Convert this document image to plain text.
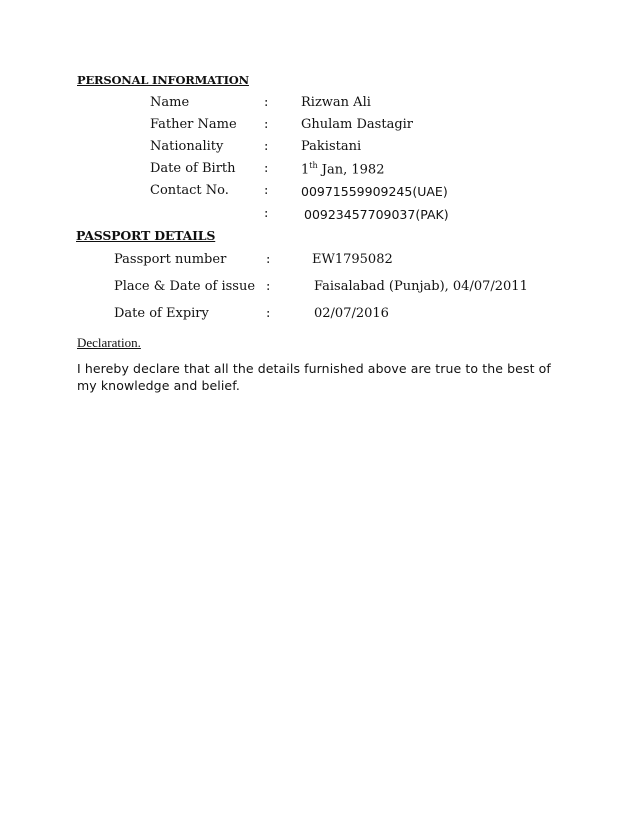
PERSONAL INFORMATION
Name	:	Rizwan Ali
Father Name :	Ghulam Dastagir
Nationality	:	Pakistani
Date of Birth :	1th Jan, 1982
Contact No.	:	00971559909245(UAE)
:	00923457709037(PAK)
PASSPORT DETAILS
Passport number	:	EW1795082
Place & Date of issue :	Faisalabad (Punjab), 04/07/2011
Date of Expiry	:	02/07/2016
Declaration.
I hereby declare that all the details furnished above are true to the best of my knowledge and belief.
